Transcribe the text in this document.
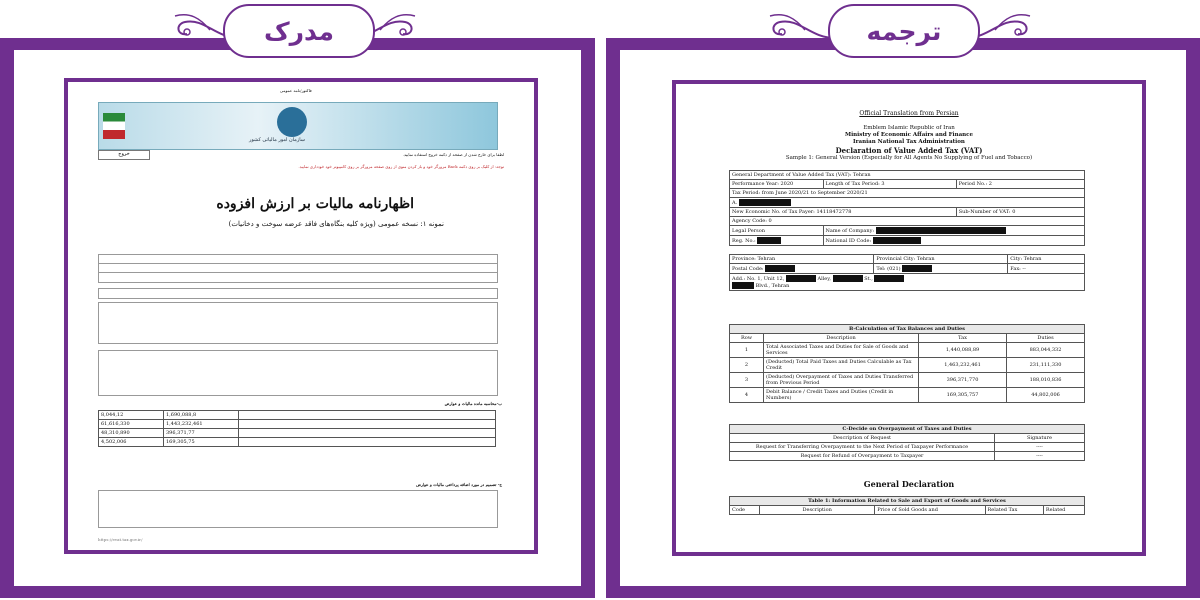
مدرک	ترجمه
فاکتور/نامه عمومی
سازمان امور مالیاتی کشور
لطفا برای خارج شدن از صفحه از دکمه خروج استفاده نمایید.
خروج
توجه: از کلیک بر روی دکمه Back مرورگر خود و باز کردن منوی از روی صفحه مرورگر بر روی کامپیوتر خود خودداری نمایید.
اظهارنامه مالیات بر ارزش افزوده
نمونه ۱: نسخه عمومی (ویژه کلیه بنگاه‌های فاقد عرضه سوخت و دخانیات)
ب-محاسبه مانده مالیات و عوارض
8,044,12	1,690,088,8	
61,616,330	1,443,232,461	
48,310,890	396,371,77	
4,502,006	169,305,75	
ج- تصمیم در مورد اضافه پرداختی مالیات و عوارض
https://evat.tax.gov.ir/
Official Translation from Persian
Emblem Islamic Republic of Iran
Ministry of Economic Affairs and Finance
Iranian National Tax Administration
Declaration of Value Added Tax (VAT)
Sample 1: General Version (Especially for All Agents No Supplying of Fuel and Tobacco)
General Department of Value Added Tax (VAT): Tehran		
Performance Year: 2020	Length of Tax Period: 3	Period No.: 2
Tax Period: from June 2020/21 to September 2020/21		
A.		
New Economic No. of Tax Payer: 14118472778		Sub-Number of VAT: 0
Agency Code: 0		
Legal Person	Name of Company:	
Reg. No.:	National ID Code:	
Province: Tehran	Provincial City: Tehran	City: Tehran
Postal Code:	Tel: (021)	Fax: --
Add.: No. 1, Unit 12, Alley, St.,
Blvd., Tehran		
B-Calculation of Tax Balances and Duties			
Row	Description	Tax	Duties
1	Total Associated Taxes and Duties for Sale of Goods and Services	1,440,088,89	883,044,332
2	(Deducted) Total Paid Taxes and Duties Calculable as Tax Credit	1,463,232,461	231,111,330
3	(Deducted) Overpayment of Taxes and Duties Transferred from Previous Period	396,371,770	188,010,836
4	Debit Balance / Credit Taxes and Duties (Credit in Numbers)	169,305,757	44,802,006
C-Decide on Overpayment of Taxes and Duties	
Description of Request	Signature
Request for Transferring Overpayment to the Next Period of Taxpayer Performance	----
Request for Refund of Overpayment to Taxpayer	----
General Declaration
Table 1: Information Related to Sale and Export of Goods and Services
Code	Description	Price of Sold Goods and	Related Tax	Related
